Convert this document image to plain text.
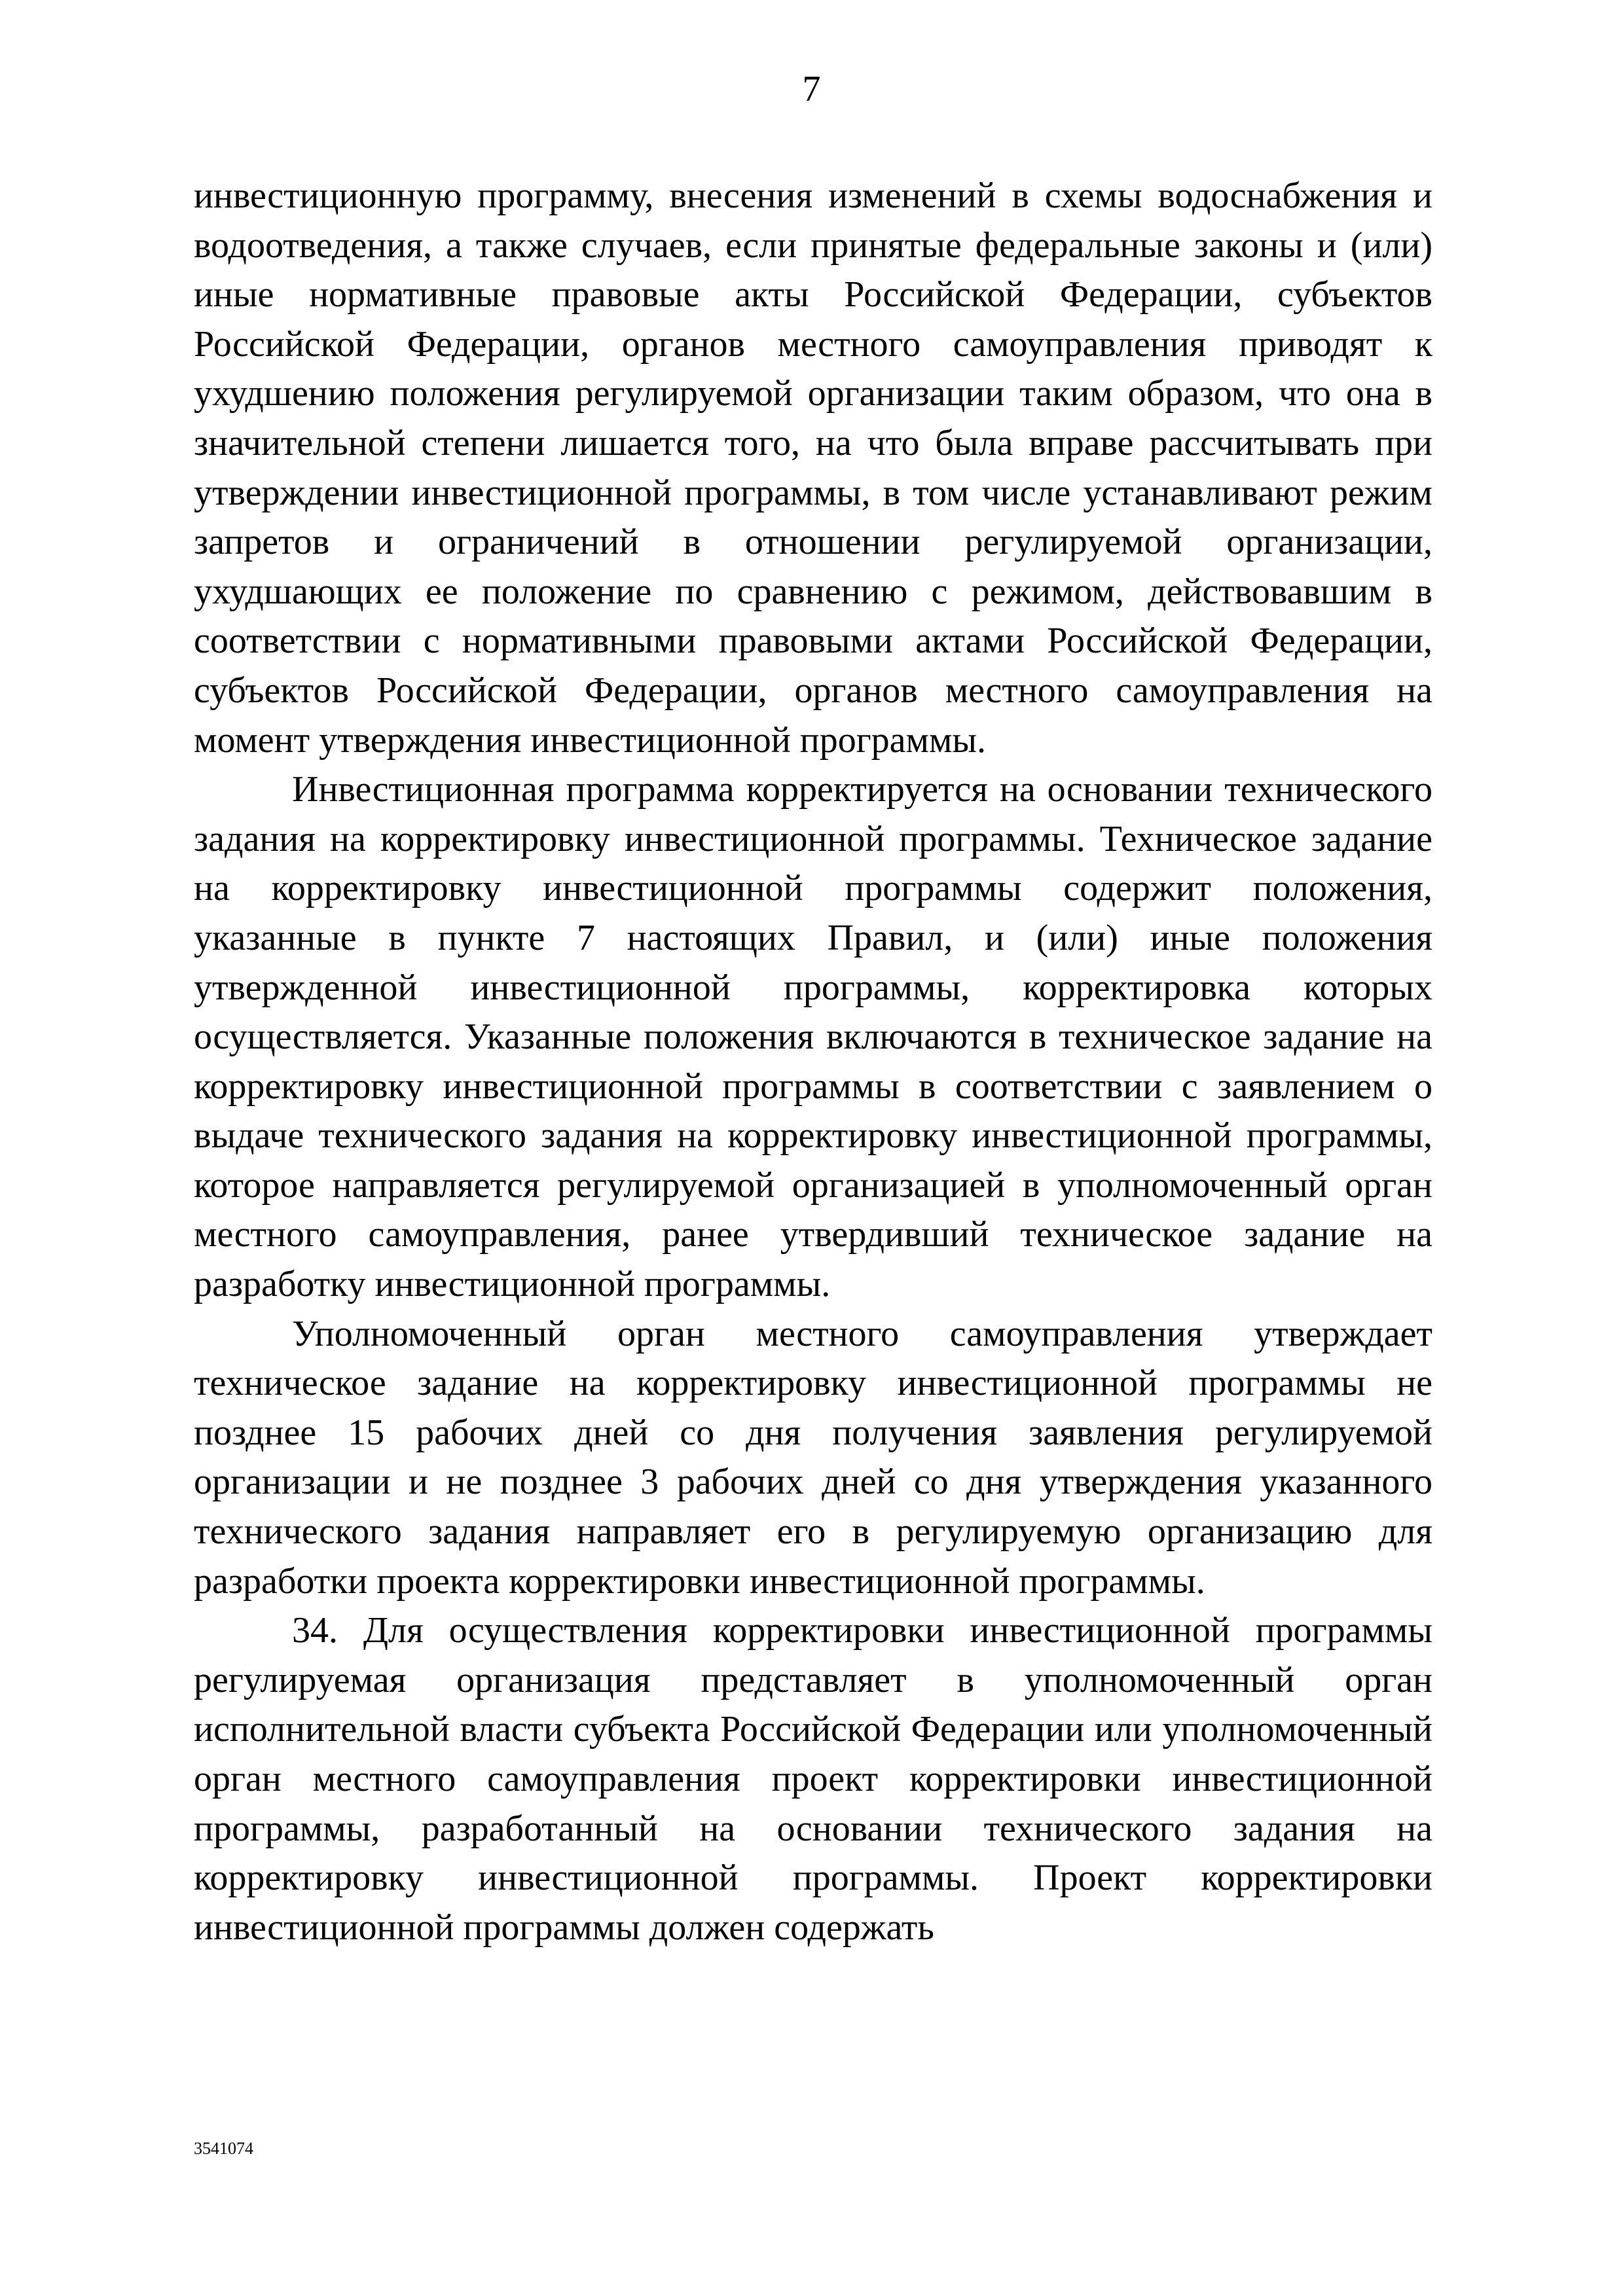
7

инвестиционную программу, внесения изменений в схемы водоснабжения и водоотведения, а также случаев, если принятые федеральные законы и (или) иные нормативные правовые акты Российской Федерации, субъектов Российской Федерации, органов местного самоуправления приводят к ухудшению положения регулируемой организации таким образом, что она в значительной степени лишается того, на что была вправе рассчитывать при утверждении инвестиционной программы, в том числе устанавливают режим запретов и ограничений в отношении регулируемой организации, ухудшающих ее положение по сравнению с режимом, действовавшим в соответствии с нормативными правовыми актами Российской Федерации, субъектов Российской Федерации, органов местного самоуправления на момент утверждения инвестиционной программы.

Инвестиционная программа корректируется на основании технического задания на корректировку инвестиционной программы. Техническое задание на корректировку инвестиционной программы содержит положения, указанные в пункте 7 настоящих Правил, и (или) иные положения утвержденной инвестиционной программы, корректировка которых осуществляется. Указанные положения включаются в техническое задание на корректировку инвестиционной программы в соответствии с заявлением о выдаче технического задания на корректировку инвестиционной программы, которое направляется регулируемой организацией в уполномоченный орган местного самоуправления, ранее утвердивший техническое задание на разработку инвестиционной программы.

Уполномоченный орган местного самоуправления утверждает техническое задание на корректировку инвестиционной программы не позднее 15 рабочих дней со дня получения заявления регулируемой организации и не позднее 3 рабочих дней со дня утверждения указанного технического задания направляет его в регулируемую организацию для разработки проекта корректировки инвестиционной программы.

34. Для осуществления корректировки инвестиционной программы регулируемая организация представляет в уполномоченный орган исполнительной власти субъекта Российской Федерации или уполномоченный орган местного самоуправления проект корректировки инвестиционной программы, разработанный на основании технического задания на корректировку инвестиционной программы. Проект корректировки инвестиционной программы должен содержать

3541074
